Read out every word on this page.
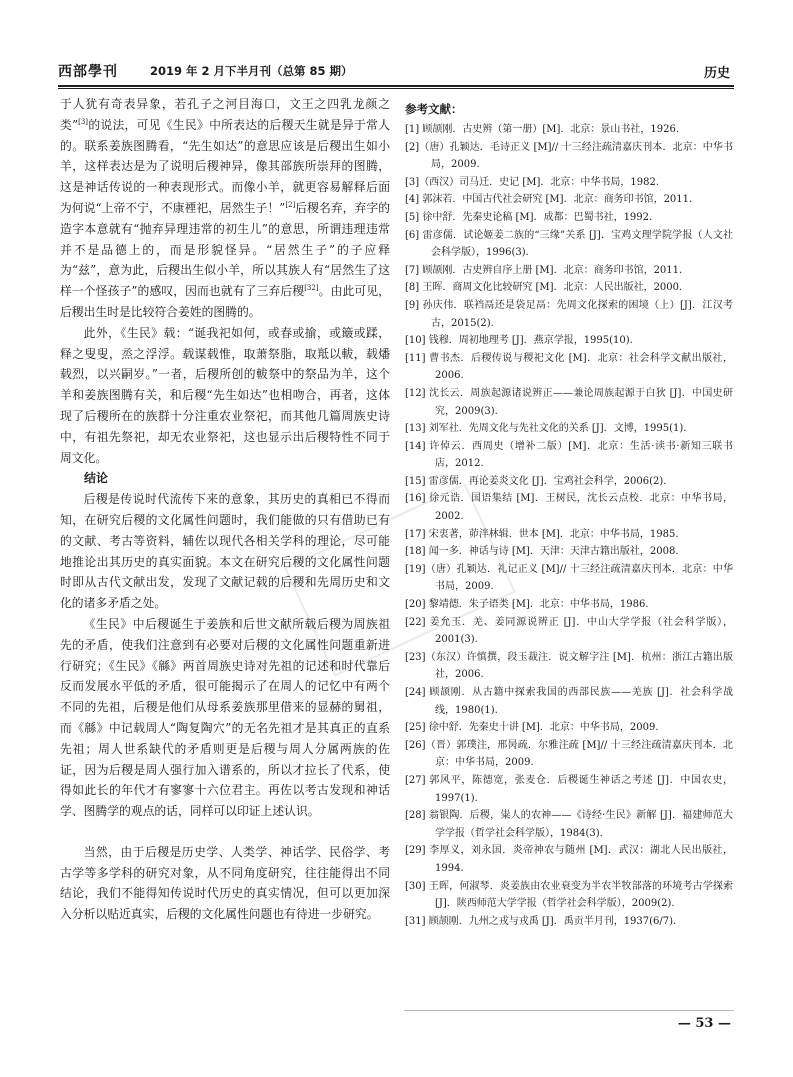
西部學刊	2019 年 2 月下半月刊（总第 85 期）	历史

于人犹有奇表异象，若孔子之河目海口，文王之四乳龙颜之类”[3]的说法，可见《生民》中所表达的后稷天生就是异于常人的。联系姜族图腾看，“先生如达”的意思应该是后稷出生如小羊，这样表达是为了说明后稷神异，像其部族所崇拜的图腾，这是神话传说的一种表现形式。而像小羊，就更容易解释后面为何说“上帝不宁，不康禋祀，居然生子！”[2]后稷名弃，弃字的造字本意就有“抛弃异理违常的初生儿”的意思，所谓违理违常并不是品德上的，而是形貌怪异。“居然生子”的子应释为“兹”，意为此，后稷出生似小羊，所以其族人有“居然生了这样一个怪孩子”的感叹，因而也就有了三弃后稷[32]。由此可见，后稷出生时是比较符合姜姓的图腾的。

此外，《生民》载：“诞我祀如何，或春或揄，或簸或蹂，释之叟叟，烝之浮浮。载谋载惟，取萧祭脂，取羝以軷，载燔载烈，以兴嗣岁。”一者，后稷所创的軷祭中的祭品为羊，这个羊和姜族图腾有关，和后稷“先生如达”也相吻合，再者，这体现了后稷所在的族群十分注重农业祭祀，而其他几篇周族史诗中，有祖先祭祀，却无农业祭祀，这也显示出后稷特性不同于周文化。

结论

后稷是传说时代流传下来的意象，其历史的真相已不得而知，在研究后稷的文化属性问题时，我们能做的只有借助已有的文献、考古等资料，辅佐以现代各相关学科的理论，尽可能地推论出其历史的真实面貌。本文在研究后稷的文化属性问题时即从古代文献出发，发现了文献记载的后稷和先周历史和文化的诸多矛盾之处。

《生民》中后稷诞生于姜族和后世文献所载后稷为周族祖先的矛盾，使我们注意到有必要对后稷的文化属性问题重新进行研究；《生民》《緜》两首周族史诗对先祖的记述和时代靠后反而发展水平低的矛盾，很可能揭示了在周人的记忆中有两个不同的先祖，后稷是他们从母系姜族那里借来的显赫的舅祖，而《緜》中记载周人“陶复陶穴”的无名先祖才是其真正的直系先祖；周人世系缺代的矛盾则更是后稷与周人分属两族的佐证，因为后稷是周人强行加入谱系的，所以才拉长了代系，使得如此长的年代才有寥寥十六位君主。再佐以考古发现和神话学、图腾学的观点的话，同样可以印证上述认识。

当然，由于后稷是历史学、人类学、神话学、民俗学、考古学等多学科的研究对象，从不同角度研究，往往能得出不同结论，我们不能得知传说时代历史的真实情况，但可以更加深入分析以贴近真实，后稷的文化属性问题也有待进一步研究。

参考文献：
[1] 顾颉刚．古史辨（第一册）[M]．北京：景山书社，1926.
[2]（唐）孔颖达．毛诗正义 [M]// 十三经注疏清嘉庆刊本．北京：中华书局，2009.
[3]（西汉）司马迁．史记 [M]．北京：中华书局，1982.
[4] 郭沫若．中国古代社会研究 [M]．北京：商务印书馆，2011.
[5] 徐中舒．先秦史论稿 [M]．成都：巴蜀书社，1992.
[6] 雷彦儒．试论姬姜二族的“三缘”关系 [J]．宝鸡文理学院学报（人文社会科学版），1996(3).
[7] 顾颉刚．古史辨自序上册 [M]．北京：商务印书馆，2011.
[8] 王晖．商周文化比较研究 [M]．北京：人民出版社，2000.
[9] 孙庆伟．联裆鬲还是袋足鬲：先周文化探索的困境（上）[J]．江汉考古，2015(2).
[10] 钱穆．周初地理考 [J]．燕京学报，1995(10).
[11] 曹书杰．后稷传说与稷祀文化 [M]．北京：社会科学文献出版社，2006.
[12] 沈长云．周族起源诸说辨正——兼论周族起源于白狄 [J]．中国史研究，2009(3).
[13] 刘军社．先周文化与先社文化的关系 [J]．文博，1995(1).
[14] 许倬云．西周史（增补二版）[M]．北京：生活·读书·新知三联书店，2012.
[15] 雷彦儒．再论姜炎文化 [J]．宝鸡社会科学，2006(2).
[16] 徐元诰．国语集结 [M]．王树民，沈长云点校．北京：中华书局，2002.
[17] 宋衷著，茆泮林辑．世本 [M]．北京：中华书局，1985.
[18] 闻一多．神话与诗 [M]．天津：天津古籍出版社，2008.
[19]（唐）孔颖达．礼记正义 [M]// 十三经注疏清嘉庆刊本．北京：中华书局，2009.
[20] 黎靖德．朱子语类 [M]．北京：中华书局，1986.
[22] 姜允玉．羌、姜同源说辨正 [J]．中山大学学报（社会科学版），2001(3).
[23]（东汉）许慎撰，段玉裁注．说文解字注 [M]．杭州：浙江古籍出版社，2006.
[24] 顾颉刚．从古籍中探索我国的西部民族——羌族 [J]．社会科学战线，1980(1).
[25] 徐中舒．先秦史十讲 [M]．北京：中华书局，2009.
[26]（晋）郭璞注，邢昺疏．尔雅注疏 [M]// 十三经注疏清嘉庆刊本．北京：中华书局，2009.
[27] 郭风平，陈德宽，张麦仓．后稷诞生神话之考述 [J]．中国农史，1997(1).
[28] 翁银陶．后稷，粜人的农神——《诗经·生民》新解 [J]．福建师范大学学报（哲学社会科学版），1984(3).
[29] 李厚义，刘永国．炎帝神农与随州 [M]．武汉：湖北人民出版社，1994.
[30] 王晖，何淑琴．炎姜族由农业衰变为半农半牧部落的环境考古学探索 [J]．陕西师范大学学报（哲学社会科学版），2009(2).
[31] 顾颉刚．九州之戎与戎禹 [J]．禹贡半月刊，1937(6/7).
— 53 —
